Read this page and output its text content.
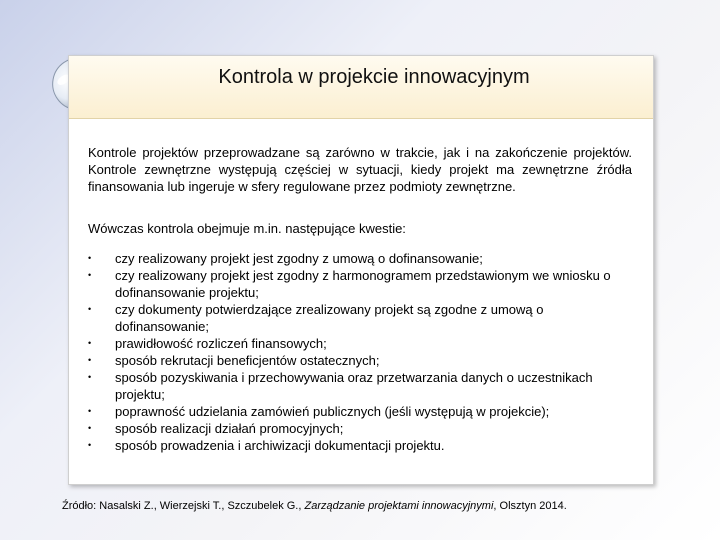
Kontrola w projekcie innowacyjnym

Kontrole projektów przeprowadzane są zarówno w trakcie, jak i na zakończenie projektów. Kontrole zewnętrzne występują częściej w sytuacji, kiedy projekt ma zewnętrzne źródła finansowania lub ingeruje w sfery regulowane przez podmioty zewnętrzne.

Wówczas kontrola obejmuje m.in. następujące kwestie:

• czy realizowany projekt jest zgodny z umową o dofinansowanie;
• czy realizowany projekt jest zgodny z harmonogramem przedstawionym we wniosku o dofinansowanie projektu;
• czy dokumenty potwierdzające zrealizowany projekt są zgodne z umową o dofinansowanie;
• prawidłowość rozliczeń finansowych;
• sposób rekrutacji beneficjentów ostatecznych;
• sposób pozyskiwania i przechowywania oraz przetwarzania danych o uczestnikach projektu;
• poprawność udzielania zamówień publicznych (jeśli występują w projekcie);
• sposób realizacji działań promocyjnych;
• sposób prowadzenia i archiwizacji dokumentacji projektu.
Źródło: Nasalski Z., Wierzejski T., Szczubelek G., Zarządzanie projektami innowacyjnymi, Olsztyn 2014.
